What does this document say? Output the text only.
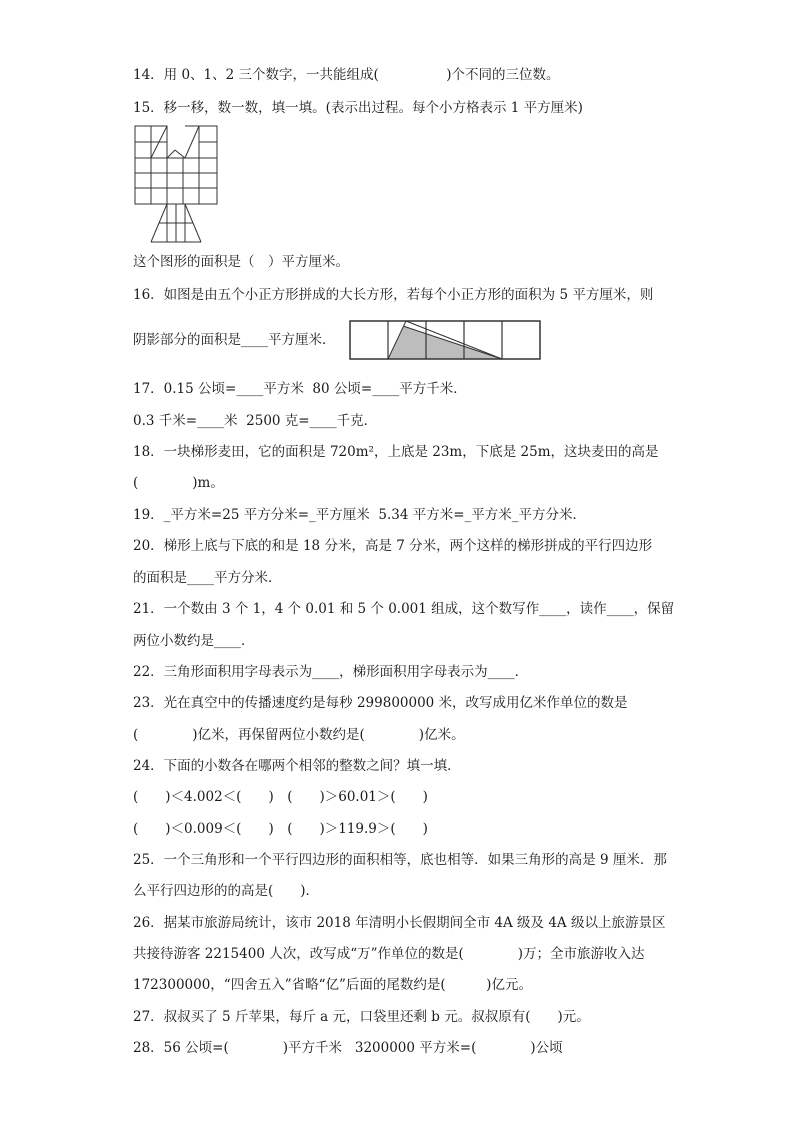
14．用 0、1、2 三个数字，一共能组成(　　　　　)个不同的三位数。
15．移一移，数一数，填一填。(表示出过程。每个小方格表示 1 平方厘米)
这个图形的面积是（　）平方厘米。
16．如图是由五个小正方形拼成的大长方形，若每个小正方形的面积为 5 平方厘米，则
阴影部分的面积是____平方厘米．
17．0.15 公顷=____平方米  80 公顷=____平方千米．
0.3 千米=____米  2500 克=____千克．
18．一块梯形麦田，它的面积是 720m²，上底是 23m，下底是 25m，这块麦田的高是
(　　　　)m。
19．_平方米=25 平方分米=_平方厘米  5.34 平方米=_平方米_平方分米．
20．梯形上底与下底的和是 18 分米，高是 7 分米，两个这样的梯形拼成的平行四边形
的面积是____平方分米．
21．一个数由 3 个 1，4 个 0.01 和 5 个 0.001 组成，这个数写作____，读作____，保留
两位小数约是____．
22．三角形面积用字母表示为____，梯形面积用字母表示为____．
23．光在真空中的传播速度约是每秒 299800000 米，改写成用亿米作单位的数是
(　　　　)亿米，再保留两位小数约是(　　　　)亿米。
24．下面的小数各在哪两个相邻的整数之间？填一填．
(　　)＜4.002＜(　　)　(　　)＞60.01＞(　　)
(　　)＜0.009＜(　　)　(　　)＞119.9＞(　　)
25．一个三角形和一个平行四边形的面积相等，底也相等．如果三角形的高是 9 厘米．那
么平行四边形的的高是(　　)．
26．据某市旅游局统计，该市 2018 年清明小长假期间全市 4A 级及 4A 级以上旅游景区
共接待游客 2215400 人次，改写成“万”作单位的数是(　　　　)万；全市旅游收入达
172300000，“四舍五入”省略“亿”后面的尾数约是(　　　)亿元。
27．叔叔买了 5 斤苹果，每斤 a 元，口袋里还剩 b 元。叔叔原有(　　)元。
28．56 公顷=(　　　　)平方千米   3200000 平方米=(　　　　)公顷
